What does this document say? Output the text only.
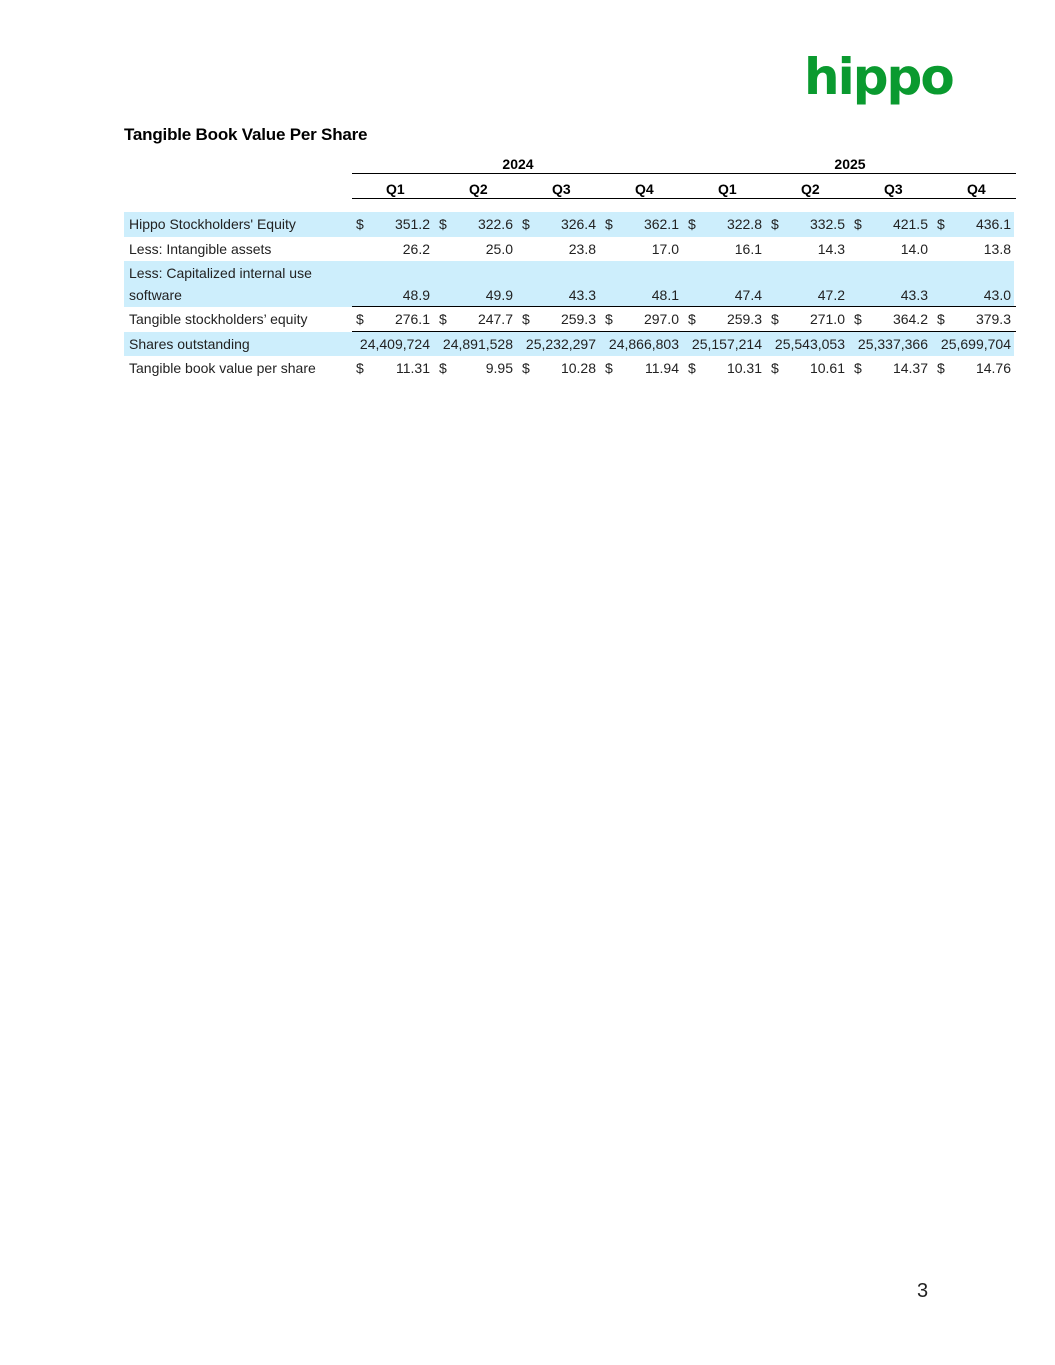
hippo
Tangible Book Value Per Share
2024	2025
Q1	Q2	Q3	Q4	Q1	Q2	Q3	Q4
Hippo Stockholders' Equity	$	351.2 $	322.6 $	326.4 $	362.1 $	322.8 $	332.5 $	421.5 $	436.1
Less: Intangible assets	26.2	25.0	23.8	17.0	16.1	14.3	14.0	13.8
Less: Capitalized internal use
software	48.9	49.9	43.3	48.1	47.4	47.2	43.3	43.0
Tangible stockholders’ equity	$	276.1 $	247.7 $	259.3 $	297.0 $	259.3 $	271.0 $	364.2 $	379.3
Shares outstanding	24,409,724 24,891,528 25,232,297 24,866,803 25,157,214 25,543,053 25,337,366 25,699,704
Tangible book value per share	$	11.31 $	9.95 $	10.28 $	11.94 $	10.31 $	10.61 $	14.37 $	14.76
3
